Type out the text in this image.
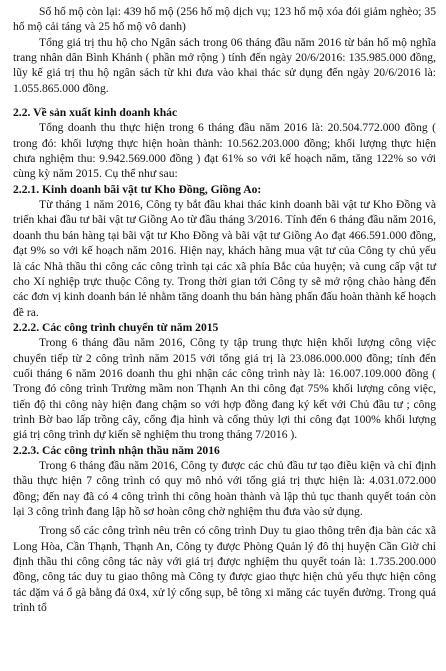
Số hố mộ còn lại: 439 hố mộ (256 hố mộ dịch vụ; 123 hố mộ xóa đói giảm nghèo; 35 hố mộ cải táng và 25 hố mộ vô danh)

Tổng giá trị thu hộ cho Ngân sách trong 06 tháng đầu năm 2016 từ bán hố mộ nghĩa trang nhân dân Bình Khánh ( phần mở rộng ) tính đến ngày 20/6/2016: 135.985.000 đồng, lũy kế giá trị thu hộ ngân sách từ khi đưa vào khai thác sử dụng đến ngày 20/6/2016 là: 1.055.865.000 đồng.

2.2. Về sản xuất kinh doanh khác

Tổng doanh thu thực hiện trong 6 tháng đầu năm 2016 là: 20.504.772.000 đồng ( trong đó: khối lượng thực hiện hoàn thành: 10.562.203.000 đồng; khối lượng thực hiện chưa nghiệm thu: 9.942.569.000 đồng ) đạt 61% so với kế hoạch năm, tăng 122% so với cùng kỳ năm 2015. Cụ thể như sau:

2.2.1. Kinh doanh bãi vật tư Kho Đồng, Giồng Ao:

Từ tháng 1 năm 2016, Công ty bắt đầu khai thác kinh doanh bãi vật tư Kho Đồng và triển khai đầu tư bãi vật tư Giồng Ao từ đầu tháng 3/2016. Tính đến 6 tháng đầu năm 2016, doanh thu bán hàng tại bãi vật tư Kho Đồng và bãi vật tư Giồng Ao đạt 466.591.000 đồng, đạt 9% so với kế hoạch năm 2016. Hiện nay, khách hàng mua vật tư của Công ty chủ yếu là các Nhà thầu thi công các công trình tại các xã phía Bắc của huyện; và cung cấp vật tư cho Xí nghiệp trực thuộc Công ty. Trong thời gian tới Công ty sẽ mở rộng chào hàng đến các đơn vị kinh doanh bán lẻ nhằm tăng doanh thu bán hàng phấn đấu hoàn thành kế hoạch đề ra.

2.2.2. Các công trình chuyển từ năm 2015

Trong 6 tháng đầu năm 2016, Công ty tập trung thực hiện khối lượng công việc chuyển tiếp từ 2 công trình năm 2015 với tổng giá trị là 23.086.000.000 đồng; tính đến cuối tháng 6 năm 2016 doanh thu ghi nhận các công trình này là: 16.007.109.000 đồng ( Trong đó công trình Trường mầm non Thạnh An thi công đạt 75% khối lượng công việc, tiến độ thi công này hiện đang chậm so với hợp đồng đang ký kết với Chủ đầu tư ; công trình Bờ bao lấp trồng cây, cổng địa hình và cống thủy lợi thi công đạt 100% khối lượng giá trị công trình dự kiến sẽ nghiệm thu trong tháng 7/2016 ).

2.2.3. Các công trình nhận thầu năm 2016

Trong 6 tháng đầu năm 2016, Công ty được các chủ đầu tư tạo điều kiện và chỉ định thầu thực hiện 7 công trình có quy mô nhỏ với tổng giá trị thực hiện là: 4.031.072.000 đồng; đến nay đã có 4 công trình thi công hoàn thành và lập thủ tục thanh quyết toán còn lại 3 công trình đang lập hồ sơ hoàn công chờ nghiệm thu đưa vào sử dụng.

Trong số các công trình nêu trên có công trình Duy tu giao thông trên địa bàn các xã Long Hòa, Cần Thạnh, Thạnh An, Công ty được Phòng Quản lý đô thị huyện Cần Giờ chỉ định thầu thi công công tác này với giá trị được nghiệm thu quyết toán là: 1.735.200.000 đồng, công tác duy tu giao thông mà Công ty được giao thực hiện chủ yếu thực hiện công tác dặm vá ổ gà bằng đá 0x4, xử lý cống sụp, bê tông xi măng các tuyến đường. Trong quá trình tổ
